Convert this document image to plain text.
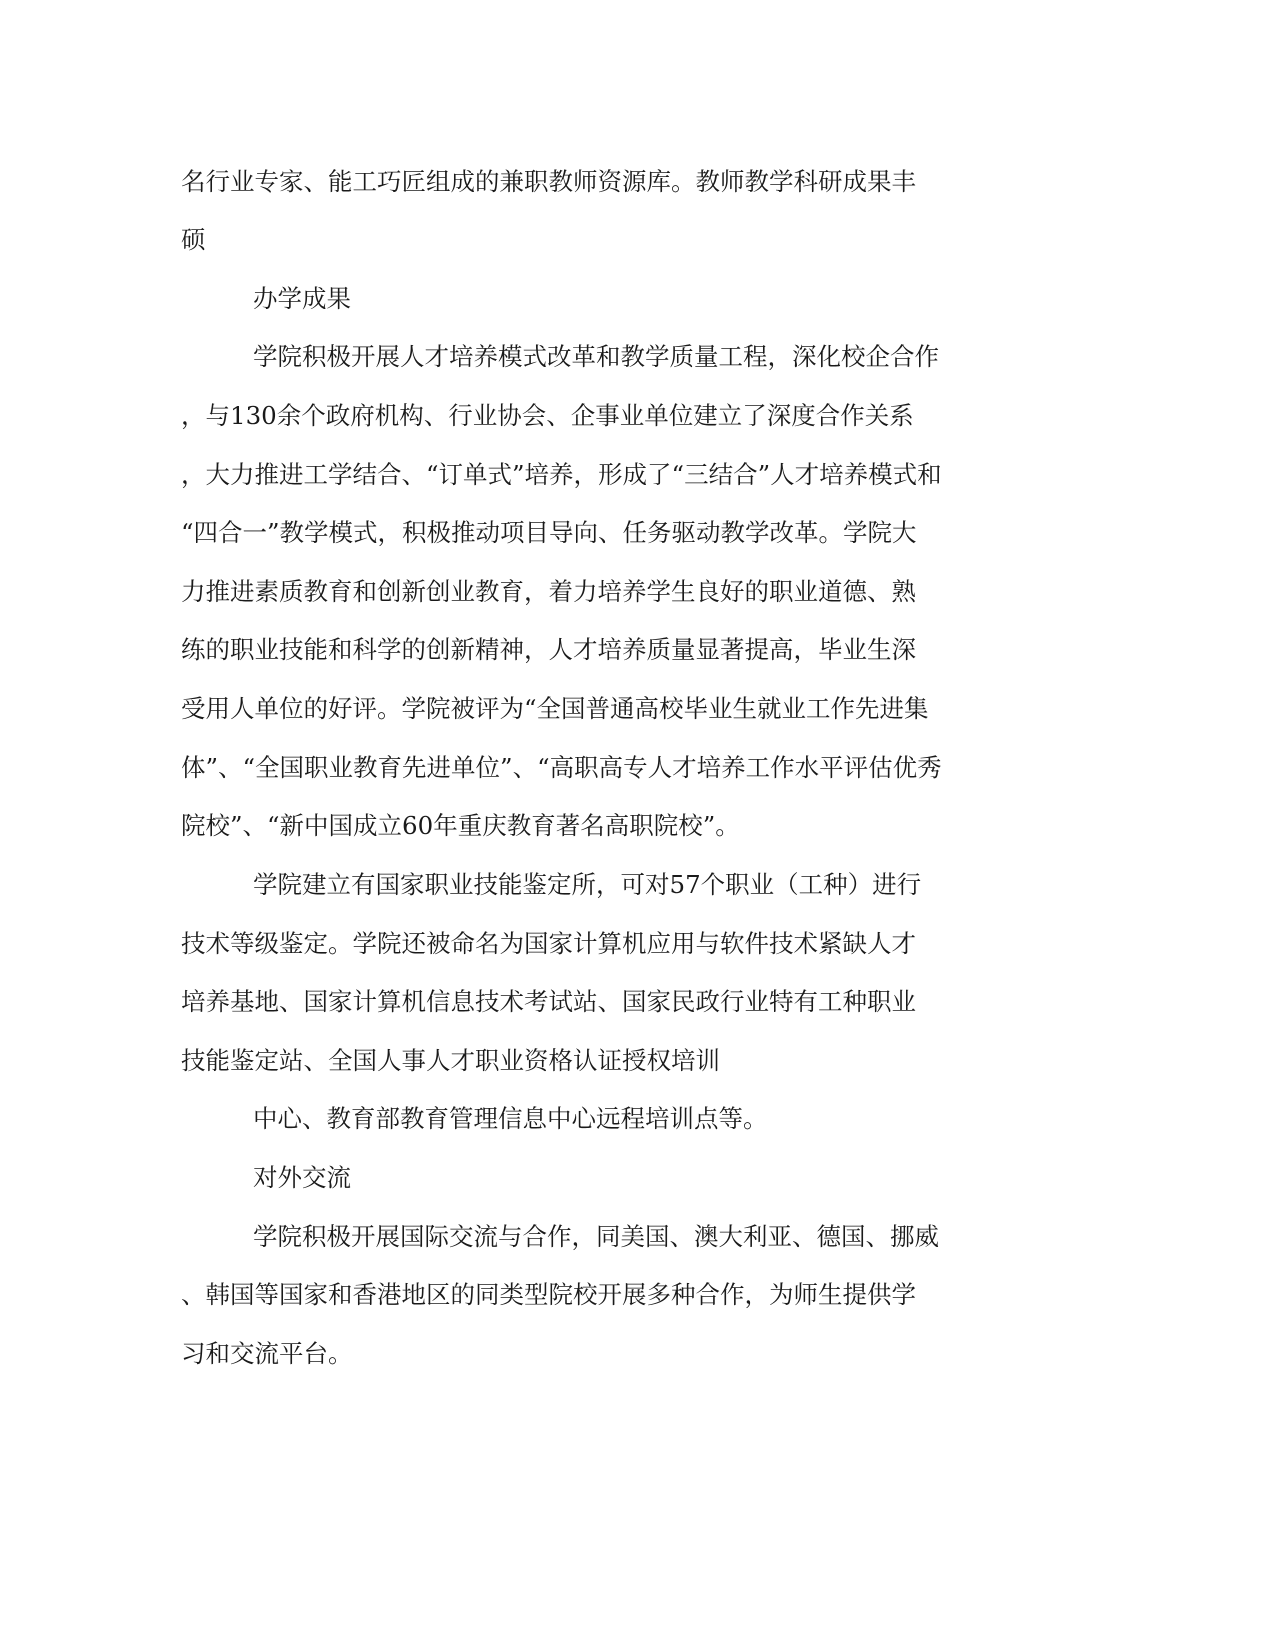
名行业专家、能工巧匠组成的兼职教师资源库。教师教学科研成果丰

硕

办学成果

学院积极开展人才培养模式改革和教学质量工程，深化校企合作

，与130余个政府机构、行业协会、企事业单位建立了深度合作关系

，大力推进工学结合、“订单式”培养，形成了“三结合”人才培养模式和

“四合一”教学模式，积极推动项目导向、任务驱动教学改革。学院大

力推进素质教育和创新创业教育，着力培养学生良好的职业道德、熟

练的职业技能和科学的创新精神，人才培养质量显著提高，毕业生深

受用人单位的好评。学院被评为“全国普通高校毕业生就业工作先进集

体”、“全国职业教育先进单位”、“高职高专人才培养工作水平评估优秀

院校”、“新中国成立60年重庆教育著名高职院校”。

学院建立有国家职业技能鉴定所，可对57个职业（工种）进行

技术等级鉴定。学院还被命名为国家计算机应用与软件技术紧缺人才

培养基地、国家计算机信息技术考试站、国家民政行业特有工种职业

技能鉴定站、全国人事人才职业资格认证授权培训

中心、教育部教育管理信息中心远程培训点等。

对外交流

学院积极开展国际交流与合作，同美国、澳大利亚、德国、挪威

、韩国等国家和香港地区的同类型院校开展多种合作，为师生提供学

习和交流平台。
